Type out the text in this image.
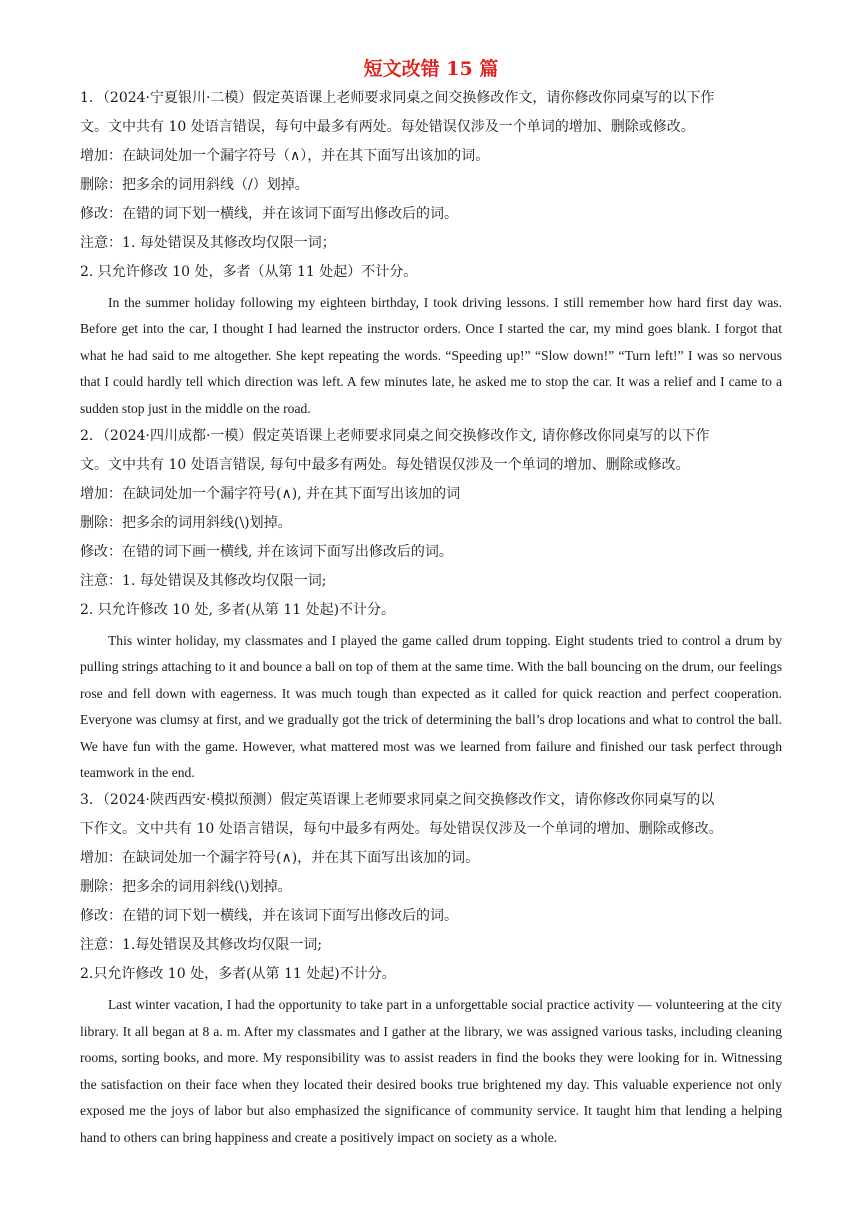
短文改错 15 篇
1．（2024·宁夏银川·二模）假定英语课上老师要求同桌之间交换修改作文，请你修改你同桌写的以下作
文。文中共有 10 处语言错误，每句中最多有两处。每处错误仅涉及一个单词的增加、删除或修改。
增加：在缺词处加一个漏字符号（∧），并在其下面写出该加的词。
删除：把多余的词用斜线（/）划掉。
修改：在错的词下划一横线，并在该词下面写出修改后的词。
注意：1. 每处错误及其修改均仅限一词；
2. 只允许修改 10 处，多者（从第 11 处起）不计分。

In the summer holiday following my eighteen birthday, I took driving lessons. I still remember how hard first day was. Before get into the car, I thought I had learned the instructor orders. Once I started the car, my mind goes blank. I forgot that what he had said to me altogether. She kept repeating the words. “Speeding up!” “Slow down!” “Turn left!” I was so nervous that I could hardly tell which direction was left. A few minutes late, he asked me to stop the car. It was a relief and I came to a sudden stop just in the middle on the road.

2．（2024·四川成都·一模）假定英语课上老师要求同桌之间交换修改作文, 请你修改你同桌写的以下作
文。文中共有 10 处语言错误, 每句中最多有两处。每处错误仅涉及一个单词的增加、删除或修改。
增加：在缺词处加一个漏字符号(∧), 并在其下面写出该加的词
删除：把多余的词用斜线(\)划掉。
修改：在错的词下画一横线, 并在该词下面写出修改后的词。
注意：1. 每处错误及其修改均仅限一词;
2. 只允许修改 10 处, 多者(从第 11 处起)不计分。

This winter holiday, my classmates and I played the game called drum topping. Eight students tried to control a drum by pulling strings attaching to it and bounce a ball on top of them at the same time. With the ball bouncing on the drum, our feelings rose and fell down with eagerness. It was much tough than expected as it called for quick reaction and perfect cooperation. Everyone was clumsy at first, and we gradually got the trick of determining the ball’s drop locations and what to control the ball. We have fun with the game. However, what mattered most was we learned from failure and finished our task perfect through teamwork in the end.

3．（2024·陕西西安·模拟预测）假定英语课上老师要求同桌之间交换修改作文，请你修改你同桌写的以
下作文。文中共有 10 处语言错误，每句中最多有两处。每处错误仅涉及一个单词的增加、删除或修改。
增加：在缺词处加一个漏字符号(∧)，并在其下面写出该加的词。
删除：把多余的词用斜线(\)划掉。
修改：在错的词下划一横线，并在该词下面写出修改后的词。
注意：1.每处错误及其修改均仅限一词;
2.只允许修改 10 处，多者(从第 11 处起)不计分。

Last winter vacation, I had the opportunity to take part in a unforgettable social practice activity — volunteering at the city library. It all began at 8 a. m. After my classmates and I gather at the library, we was assigned various tasks, including cleaning rooms, sorting books, and more. My responsibility was to assist readers in find the books they were looking for in. Witnessing the satisfaction on their face when they located their desired books true brightened my day. This valuable experience not only exposed me the joys of labor but also emphasized the significance of community service. It taught him that lending a helping hand to others can bring happiness and create a positively impact on society as a whole.
